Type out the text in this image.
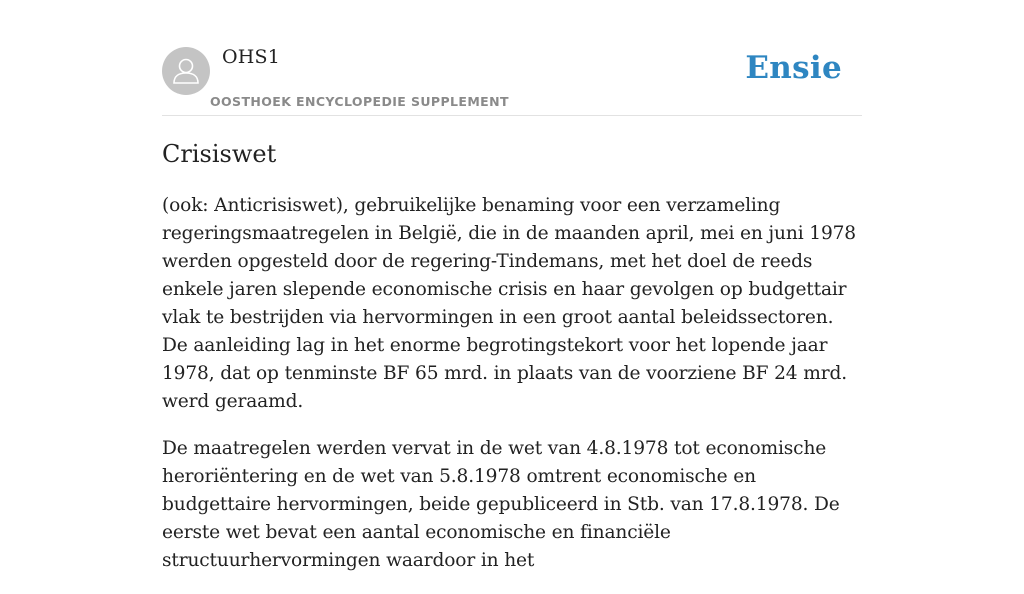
OHS1
OOSTHOEK ENCYCLOPEDIE SUPPLEMENT
Ensie
Crisiswet

(ook: Anticrisiswet), gebruikelijke benaming voor een verzameling regeringsmaatregelen in België, die in de maanden april, mei en juni 1978 werden opgesteld door de regering-Tindemans, met het doel de reeds enkele jaren slepende economische crisis en haar gevolgen op budgettair vlak te bestrijden via hervormingen in een groot aantal beleidssectoren. De aanleiding lag in het enorme begrotingstekort voor het lopende jaar 1978, dat op tenminste BF 65 mrd. in plaats van de voorziene BF 24 mrd. werd geraamd.

De maatregelen werden vervat in de wet van 4.8.1978 tot economische heroriëntering en de wet van 5.8.1978 omtrent economische en budgettaire hervormingen, beide gepubliceerd in Stb. van 17.8.1978. De eerste wet bevat een aantal economische en financiële structuurhervormingen waardoor in het
